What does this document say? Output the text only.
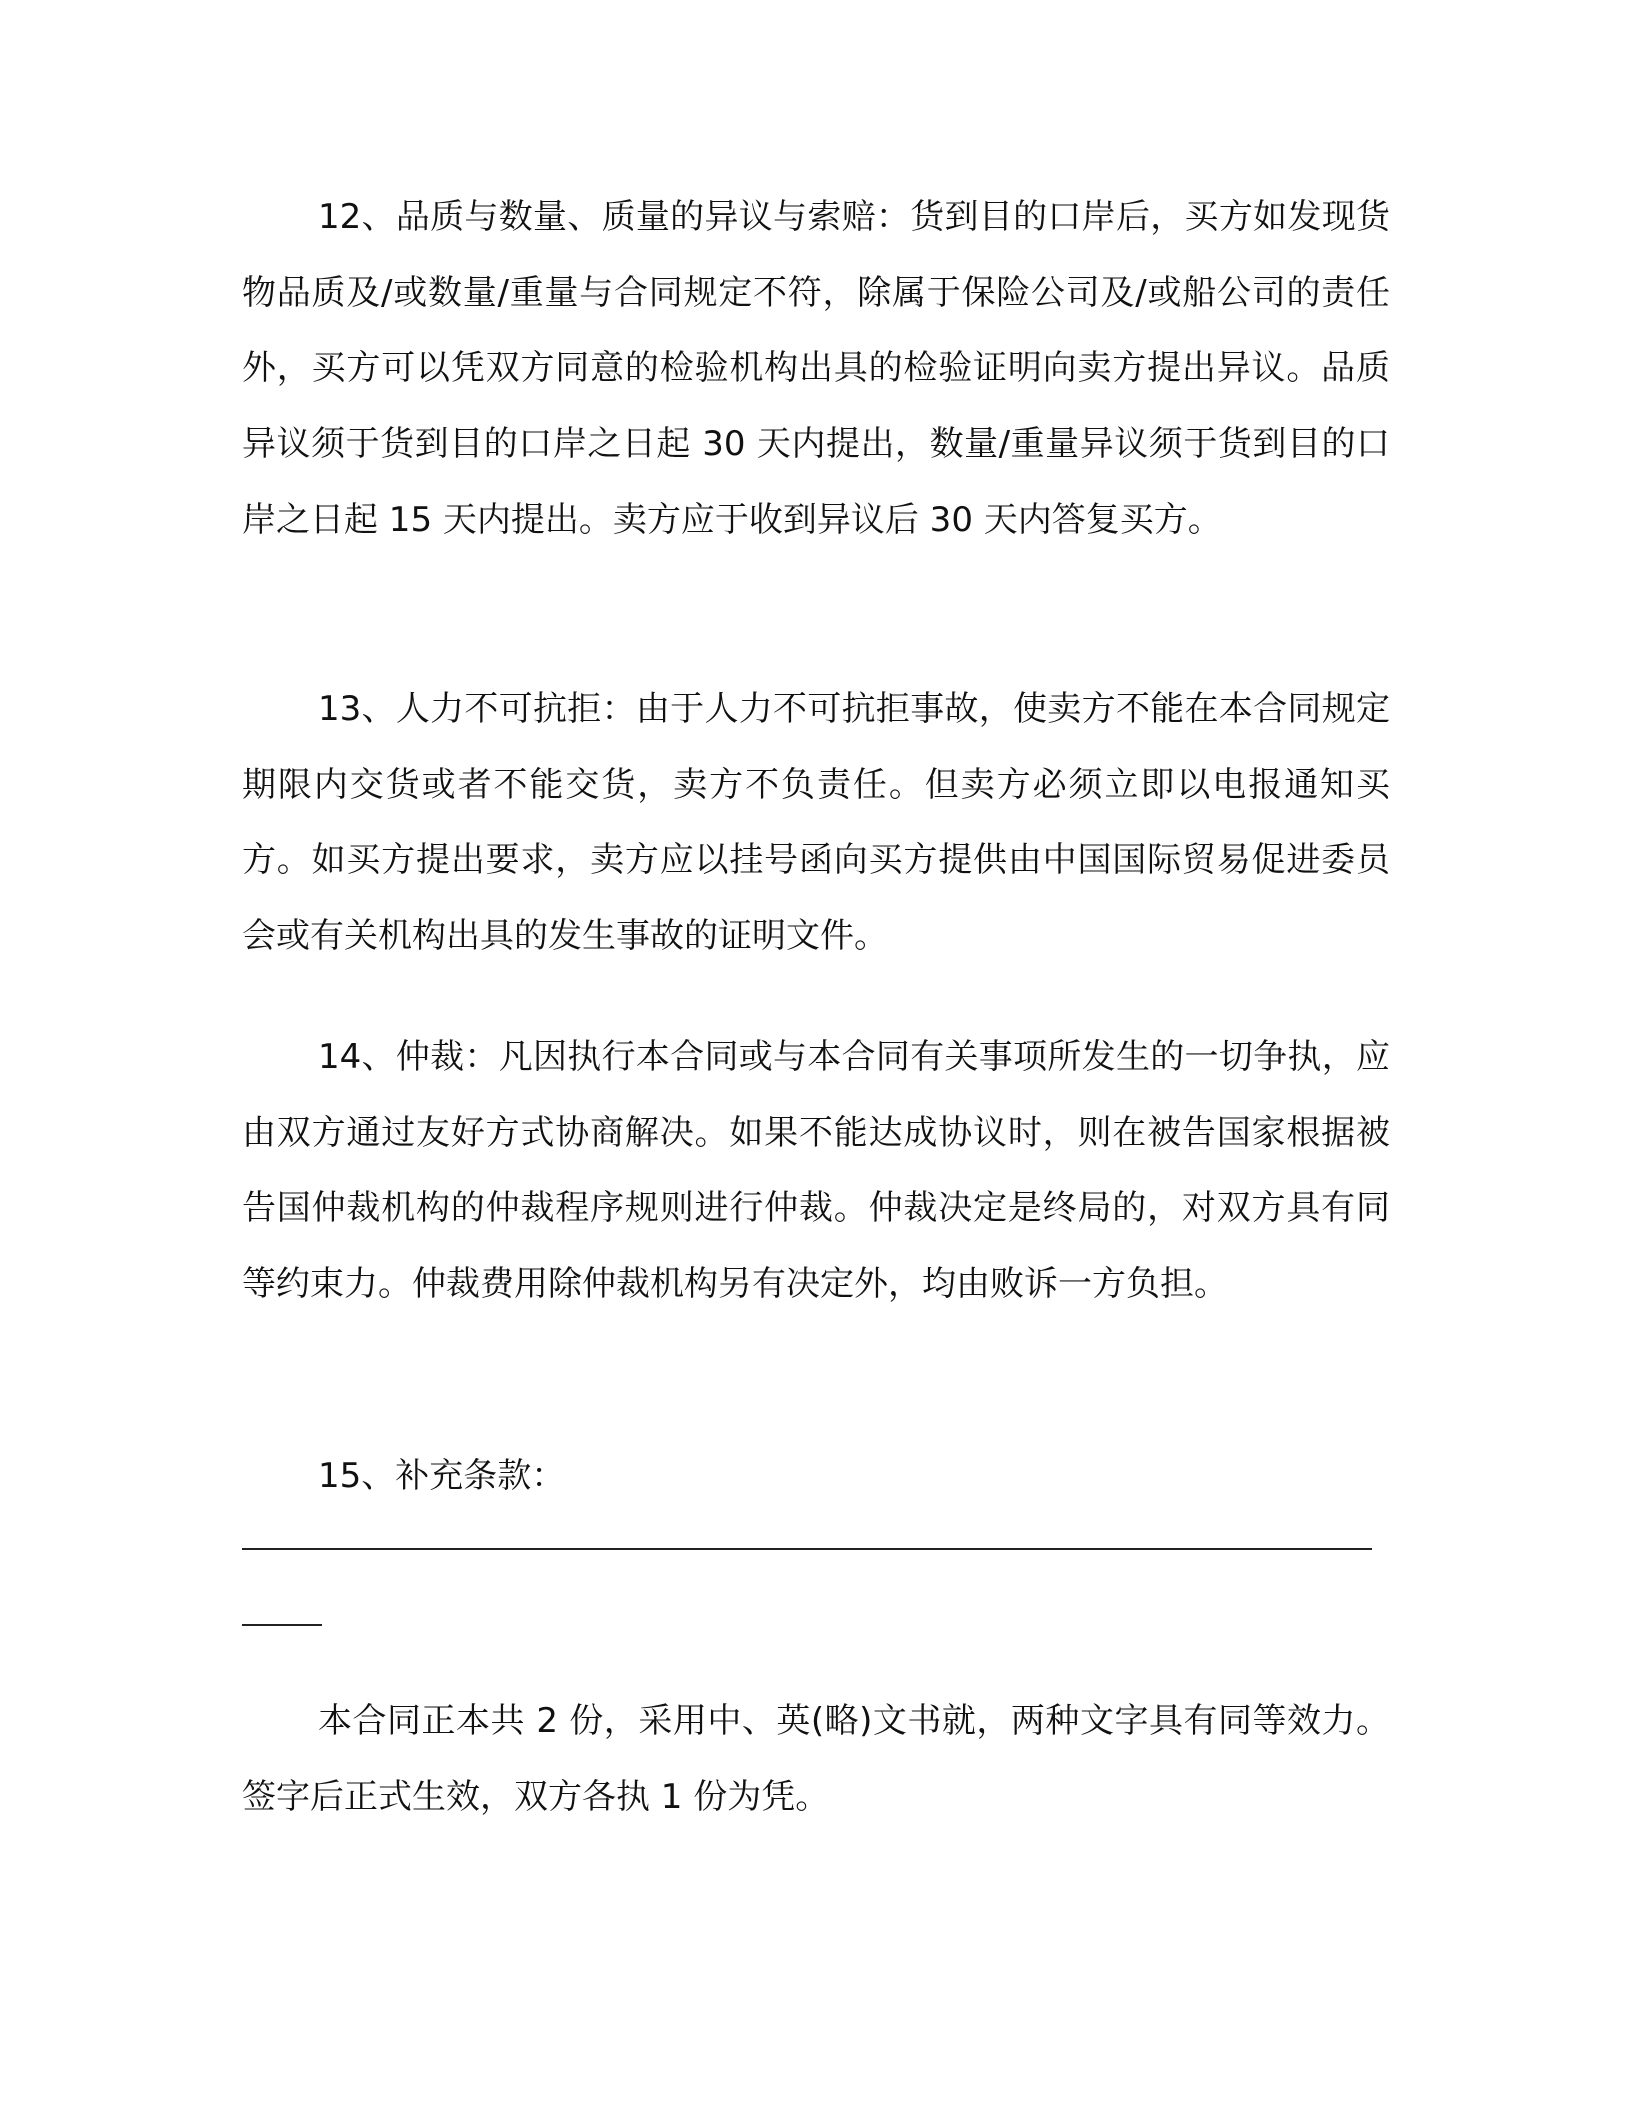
12、品质与数量、质量的异议与索赔：货到目的口岸后，买方如发现货物品质及/或数量/重量与合同规定不符，除属于保险公司及/或船公司的责任外，买方可以凭双方同意的检验机构出具的检验证明向卖方提出异议。品质异议须于货到目的口岸之日起 30 天内提出，数量/重量异议须于货到目的口岸之日起 15 天内提出。卖方应于收到异议后 30 天内答复买方。

13、人力不可抗拒：由于人力不可抗拒事故，使卖方不能在本合同规定期限内交货或者不能交货，卖方不负责任。但卖方必须立即以电报通知买方。如买方提出要求，卖方应以挂号函向买方提供由中国国际贸易促进委员会或有关机构出具的发生事故的证明文件。

14、仲裁：凡因执行本合同或与本合同有关事项所发生的一切争执，应由双方通过友好方式协商解决。如果不能达成协议时，则在被告国家根据被告国仲裁机构的仲裁程序规则进行仲裁。仲裁决定是终局的，对双方具有同等约束力。仲裁费用除仲裁机构另有决定外，均由败诉一方负担。

15、补充条款：

本合同正本共 2 份，采用中、英(略)文书就，两种文字具有同等效力。签字后正式生效，双方各执 1 份为凭。
